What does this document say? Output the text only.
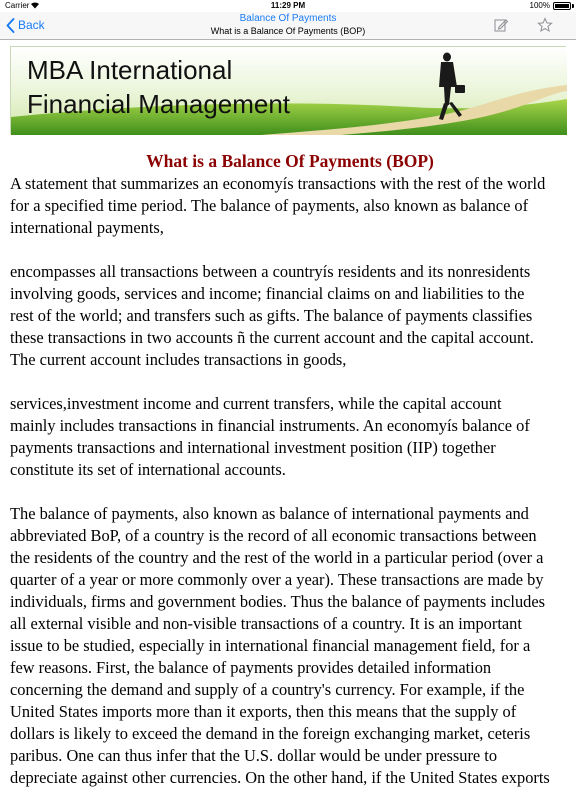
Carrier	11:29 PM	100%
Back	Balance Of Payments
What is a Balance Of Payments (BOP)
MBA International
Financial Management
What is a Balance Of Payments (BOP)

A statement that summarizes an economyís transactions with the rest of the world
for a specified time period. The balance of payments, also known as balance of
international payments,

encompasses all transactions between a countryís residents and its nonresidents
involving goods, services and income; financial claims on and liabilities to the
rest of the world; and transfers such as gifts. The balance of payments classifies
these transactions in two accounts ñ the current account and the capital account.
The current account includes transactions in goods,

services,investment income and current transfers, while the capital account
mainly includes transactions in financial instruments. An economyís balance of
payments transactions and international investment position (IIP) together
constitute its set of international accounts.

The balance of payments, also known as balance of international payments and
abbreviated BoP, of a country is the record of all economic transactions between
the residents of the country and the rest of the world in a particular period (over a
quarter of a year or more commonly over a year). These transactions are made by
individuals, firms and government bodies. Thus the balance of payments includes
all external visible and non-visible transactions of a country. It is an important
issue to be studied, especially in international financial management field, for a
few reasons. First, the balance of payments provides detailed information
concerning the demand and supply of a country's currency. For example, if the
United States imports more than it exports, then this means that the supply of
dollars is likely to exceed the demand in the foreign exchanging market, ceteris
paribus. One can thus infer that the U.S. dollar would be under pressure to
depreciate against other currencies. On the other hand, if the United States exports
